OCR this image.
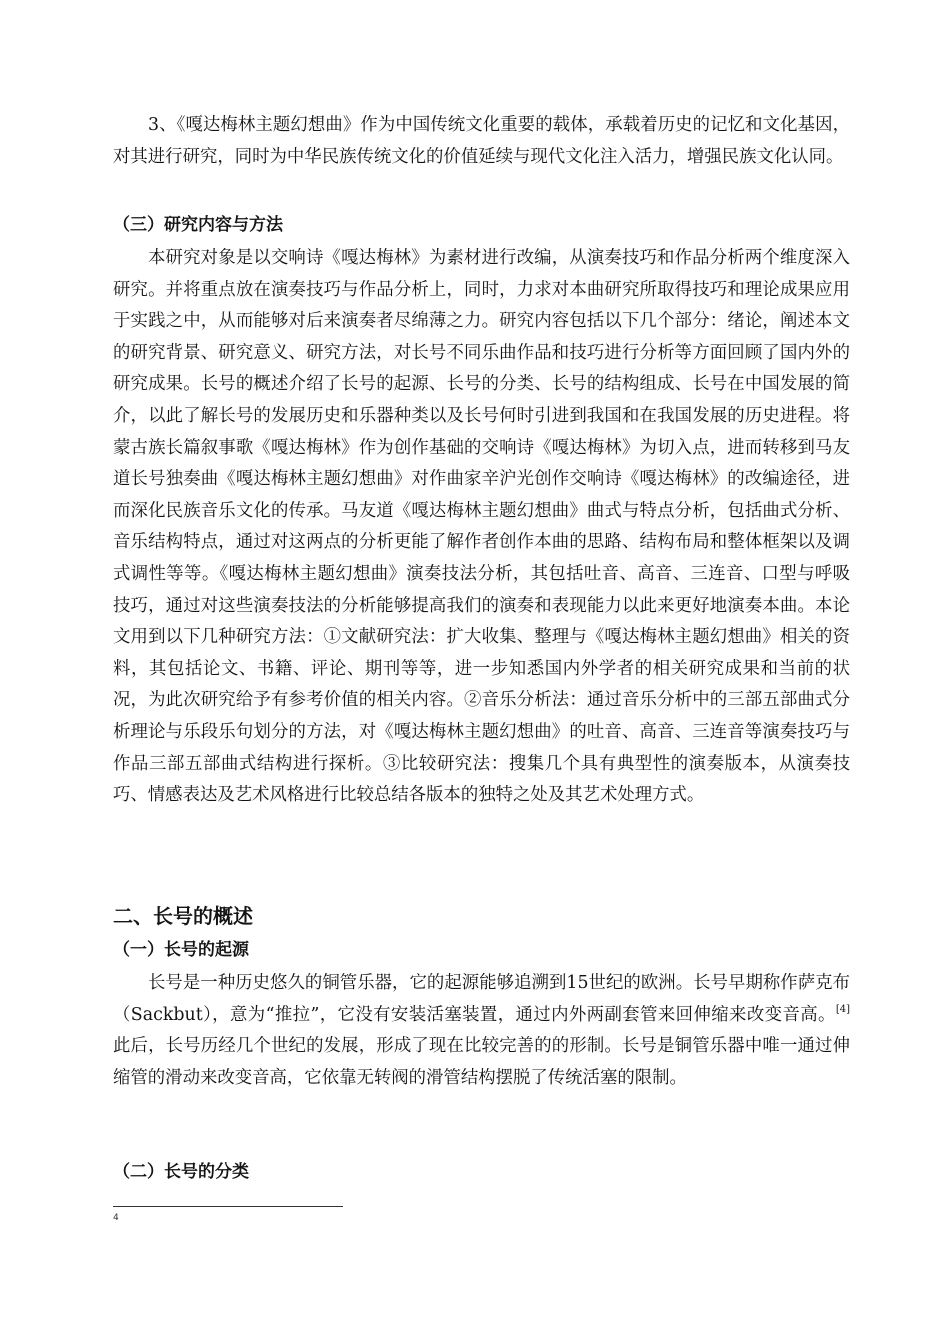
3、《嘎达梅林主题幻想曲》作为中国传统文化重要的载体，承载着历史的记忆和文化基因，对其进行研究，同时为中华民族传统文化的价值延续与现代文化注入活力，增强民族文化认同。

（三）研究内容与方法

本研究对象是以交响诗《嘎达梅林》为素材进行改编，从演奏技巧和作品分析两个维度深入研究。并将重点放在演奏技巧与作品分析上，同时，力求对本曲研究所取得技巧和理论成果应用于实践之中，从而能够对后来演奏者尽绵薄之力。研究内容包括以下几个部分：绪论，阐述本文的研究背景、研究意义、研究方法，对长号不同乐曲作品和技巧进行分析等方面回顾了国内外的研究成果。长号的概述介绍了长号的起源、长号的分类、长号的结构组成、长号在中国发展的简介，以此了解长号的发展历史和乐器种类以及长号何时引进到我国和在我国发展的历史进程。将蒙古族长篇叙事歌《嘎达梅林》作为创作基础的交响诗《嘎达梅林》为切入点，进而转移到马友道长号独奏曲《嘎达梅林主题幻想曲》对作曲家辛沪光创作交响诗《嘎达梅林》的改编途径，进而深化民族音乐文化的传承。马友道《嘎达梅林主题幻想曲》曲式与特点分析，包括曲式分析、音乐结构特点，通过对这两点的分析更能了解作者创作本曲的思路、结构布局和整体框架以及调式调性等等。《嘎达梅林主题幻想曲》演奏技法分析，其包括吐音、高音、三连音、口型与呼吸技巧，通过对这些演奏技法的分析能够提高我们的演奏和表现能力以此来更好地演奏本曲。本论文用到以下几种研究方法：①文献研究法：扩大收集、整理与《嘎达梅林主题幻想曲》相关的资料，其包括论文、书籍、评论、期刊等等，进一步知悉国内外学者的相关研究成果和当前的状况，为此次研究给予有参考价值的相关内容。②音乐分析法：通过音乐分析中的三部五部曲式分析理论与乐段乐句划分的方法，对《嘎达梅林主题幻想曲》的吐音、高音、三连音等演奏技巧与作品三部五部曲式结构进行探析。③比较研究法：搜集几个具有典型性的演奏版本，从演奏技巧、情感表达及艺术风格进行比较总结各版本的独特之处及其艺术处理方式。

二、长号的概述
（一）长号的起源

长号是一种历史悠久的铜管乐器，它的起源能够追溯到15世纪的欧洲。长号早期称作萨克布（Sackbut），意为“推拉”，它没有安装活塞装置，通过内外两副套管来回伸缩来改变音高。[4]此后，长号历经几个世纪的发展，形成了现在比较完善的的形制。长号是铜管乐器中唯一通过伸缩管的滑动来改变音高，它依靠无转阀的滑管结构摆脱了传统活塞的限制。

（二）长号的分类
4
